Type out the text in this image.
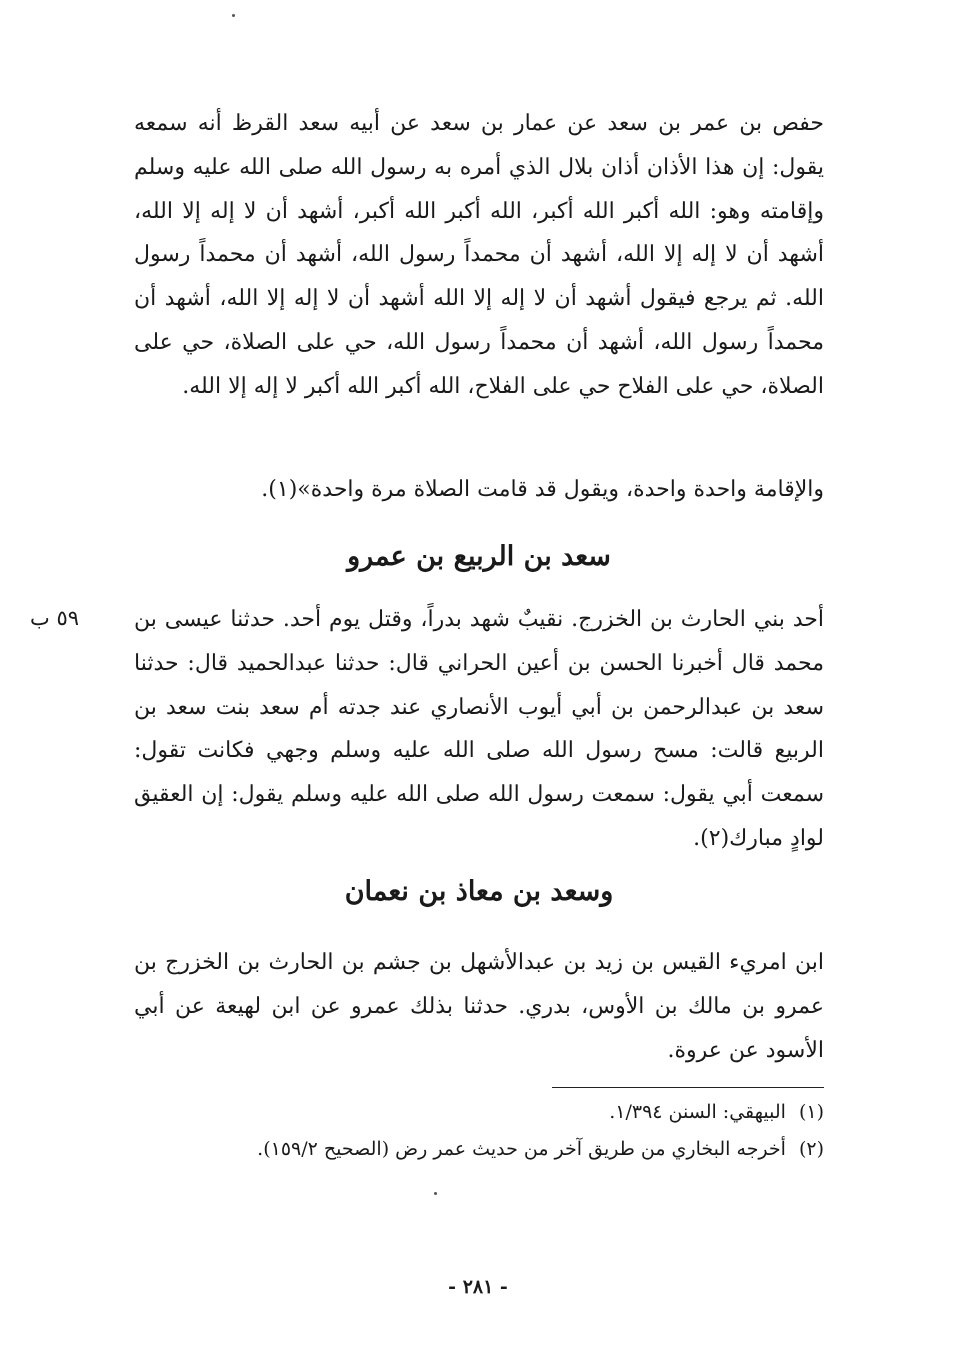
حفص بن عمر بن سعد عن عمار بن سعد عن أبيه سعد القرظ أنه سمعه يقول: إن هذا الأذان أذان بلال الذي أمره به رسول الله صلى الله عليه وسلم وإقامته وهو: الله أكبر الله أكبر، الله أكبر الله أكبر، أشهد أن لا إله إلا الله، أشهد أن لا إله إلا الله، أشهد أن محمداً رسول الله، أشهد أن محمداً رسول الله. ثم يرجع فيقول أشهد أن لا إله إلا الله أشهد أن لا إله إلا الله، أشهد أن محمداً رسول الله، أشهد أن محمداً رسول الله، حي على الصلاة، حي على الصلاة، حي على الفلاح حي على الفلاح، الله أكبر الله أكبر لا إله إلا الله.
والإقامة واحدة واحدة، ويقول قد قامت الصلاة مرة واحدة»(١).
سعد بن الربيع بن عمرو
٥٩ ب	أحد بني الحارث بن الخزرج. نقيبٌ شهد بدراً، وقتل يوم أحد. حدثنا عيسى بن محمد قال أخبرنا الحسن بن أعين الحراني قال: حدثنا عبدالحميد قال: حدثنا سعد بن عبدالرحمن بن أبي أيوب الأنصاري عند جدته أم سعد بنت سعد بن الربيع قالت: مسح رسول الله صلى الله عليه وسلم وجهي فكانت تقول: سمعت أبي يقول: سمعت رسول الله صلى الله عليه وسلم يقول: إن العقيق لوادٍ مبارك(٢).
وسعد بن معاذ بن نعمان
ابن امريء القيس بن زيد بن عبدالأشهل بن جشم بن الحارث بن الخزرج بن عمرو بن مالك بن الأوس، بدري. حدثنا بذلك عمرو عن ابن لهيعة عن أبي الأسود عن عروة.
(١) البيهقي: السنن ١/٣٩٤.
(٢) أخرجه البخاري من طريق آخر من حديث عمر رض (الصحيح ١٥٩/٢).
- ٢٨١ -
